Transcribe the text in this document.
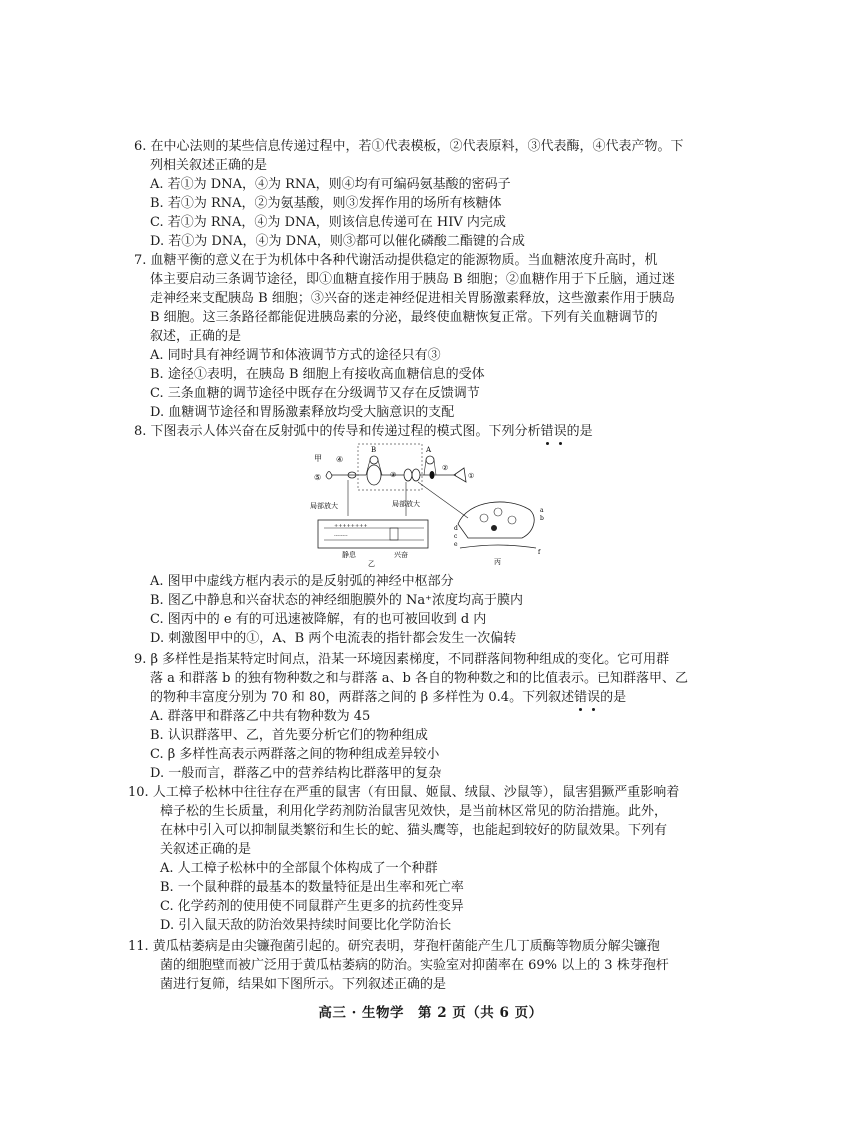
6. 在中心法则的某些信息传递过程中，若①代表模板，②代表原料，③代表酶，④代表产物。下
列相关叙述正确的是
A. 若①为 DNA，④为 RNA，则④均有可编码氨基酸的密码子
B. 若①为 RNA，②为氨基酸，则③发挥作用的场所有核糖体
C. 若①为 RNA，④为 DNA，则该信息传递可在 HIV 内完成
D. 若①为 DNA，④为 DNA，则③都可以催化磷酸二酯键的合成
7. 血糖平衡的意义在于为机体中各种代谢活动提供稳定的能源物质。当血糖浓度升高时，机
体主要启动三条调节途径，即①血糖直接作用于胰岛 B 细胞；②血糖作用于下丘脑，通过迷
走神经来支配胰岛 B 细胞；③兴奋的迷走神经促进相关胃肠激素释放，这些激素作用于胰岛
B 细胞。这三条路径都能促进胰岛素的分泌，最终使血糖恢复正常。下列有关血糖调节的
叙述，正确的是
A. 同时具有神经调节和体液调节方式的途径只有③
B. 途径①表明，在胰岛 B 细胞上有接收高血糖信息的受体
C. 三条血糖的调节途径中既存在分级调节又存在反馈调节
D. 血糖调节途径和胃肠激素释放均受大脑意识的支配
8. 下图表示人体兴奋在反射弧中的传导和传递过程的模式图。下列分析错误的是
A. 图甲中虚线方框内表示的是反射弧的神经中枢部分
B. 图乙中静息和兴奋状态的神经细胞膜外的 Na⁺浓度均高于膜内
C. 图丙中的 e 有的可迅速被降解，有的也可被回收到 d 内
D. 刺激图甲中的①，A、B 两个电流表的指针都会发生一次偏转
9. β 多样性是指某特定时间点，沿某一环境因素梯度，不同群落间物种组成的变化。它可用群
落 a 和群落 b 的独有物种数之和与群落 a、b 各自的物种数之和的比值表示。已知群落甲、乙
的物种丰富度分别为 70 和 80，两群落之间的 β 多样性为 0.4。下列叙述错误的是
A. 群落甲和群落乙中共有物种数为 45
B. 认识群落甲、乙，首先要分析它们的物种组成
C. β 多样性高表示两群落之间的物种组成差异较小
D. 一般而言，群落乙中的营养结构比群落甲的复杂
10. 人工樟子松林中往往存在严重的鼠害（有田鼠、姬鼠、绒鼠、沙鼠等），鼠害猖獗严重影响着
樟子松的生长质量，利用化学药剂防治鼠害见效快，是当前林区常见的防治措施。此外，
在林中引入可以抑制鼠类繁衍和生长的蛇、猫头鹰等，也能起到较好的防鼠效果。下列有
关叙述正确的是
A. 人工樟子松林中的全部鼠个体构成了一个种群
B. 一个鼠种群的最基本的数量特征是出生率和死亡率
C. 化学药剂的使用使不同鼠群产生更多的抗药性变异
D. 引入鼠天敌的防治效果持续时间要比化学防治长
11. 黄瓜枯萎病是由尖镰孢菌引起的。研究表明，芽孢杆菌能产生几丁质酶等物质分解尖镰孢
菌的细胞壁而被广泛用于黄瓜枯萎病的防治。实验室对抑菌率在 69% 以上的 3 株芽孢杆
菌进行复筛，结果如下图所示。下列叙述正确的是
甲 ④
⑤	③
B	A
②
①
局部放大	局部放大
++++++++
--------
静息	兴奋
乙
a
b
c
d
e
f
丙
高三 · 生物学　第 2 页（共 6 页）
